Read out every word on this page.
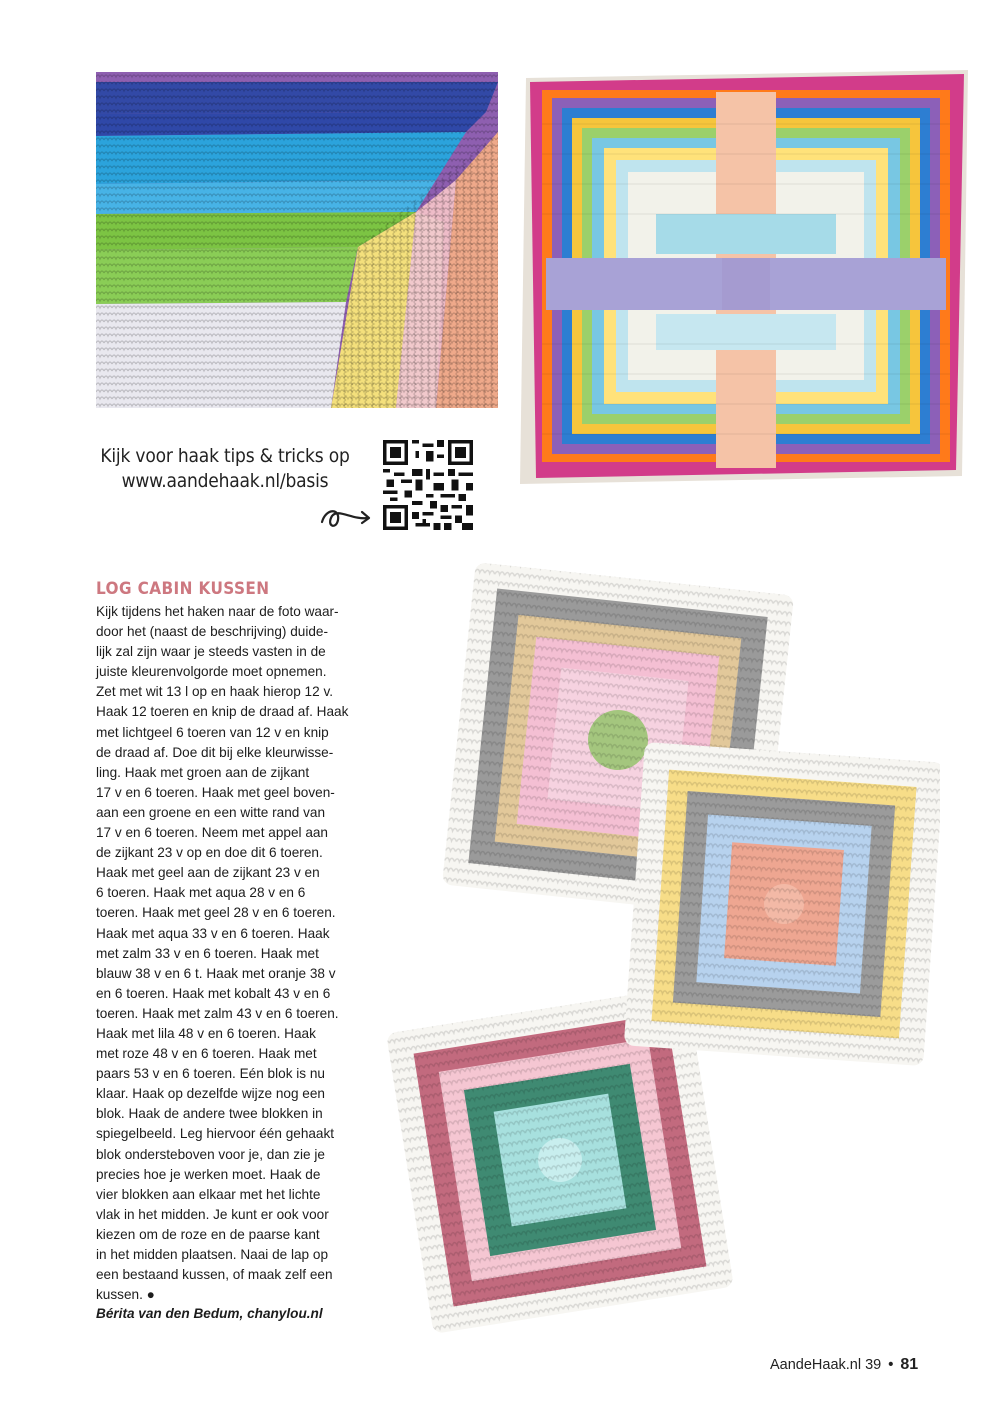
Kijk voor haak tips & tricks op
www.aandehaak.nl/basis
LOG CABIN KUSSEN
Kijk tijdens het haken naar de foto waar-
door het (naast de beschrijving) duide-
lijk zal zijn waar je steeds vasten in de
juiste kleurenvolgorde moet opnemen.
Zet met wit 13 l op en haak hierop 12 v.
Haak 12 toeren en knip de draad af. Haak
met lichtgeel 6 toeren van 12 v en knip
de draad af. Doe dit bij elke kleurwisse-
ling. Haak met groen aan de zijkant
17 v en 6 toeren. Haak met geel boven-
aan een groene en een witte rand van
17 v en 6 toeren. Neem met appel aan
de zijkant 23 v op en doe dit 6 toeren.
Haak met geel aan de zijkant 23 v en
6 toeren. Haak met aqua 28 v en 6
toeren. Haak met geel 28 v en 6 toeren.
Haak met aqua 33 v en 6 toeren. Haak
met zalm 33 v en 6 toeren. Haak met
blauw 38 v en 6 t. Haak met oranje 38 v
en 6 toeren. Haak met kobalt 43 v en 6
toeren. Haak met zalm 43 v en 6 toeren.
Haak met lila 48 v en 6 toeren. Haak
met roze 48 v en 6 toeren. Haak met
paars 53 v en 6 toeren. Eén blok is nu
klaar. Haak op dezelfde wijze nog een
blok. Haak de andere twee blokken in
spiegelbeeld. Leg hiervoor één gehaakt
blok ondersteboven voor je, dan zie je
precies hoe je werken moet. Haak de
vier blokken aan elkaar met het lichte
vlak in het midden. Je kunt er ook voor
kiezen om de roze en de paarse kant
in het midden plaatsen. Naai de lap op
een bestaand kussen, of maak zelf een
kussen. ●
Bérita van den Bedum, chanylou.nl
AandeHaak.nl 39 • 81
